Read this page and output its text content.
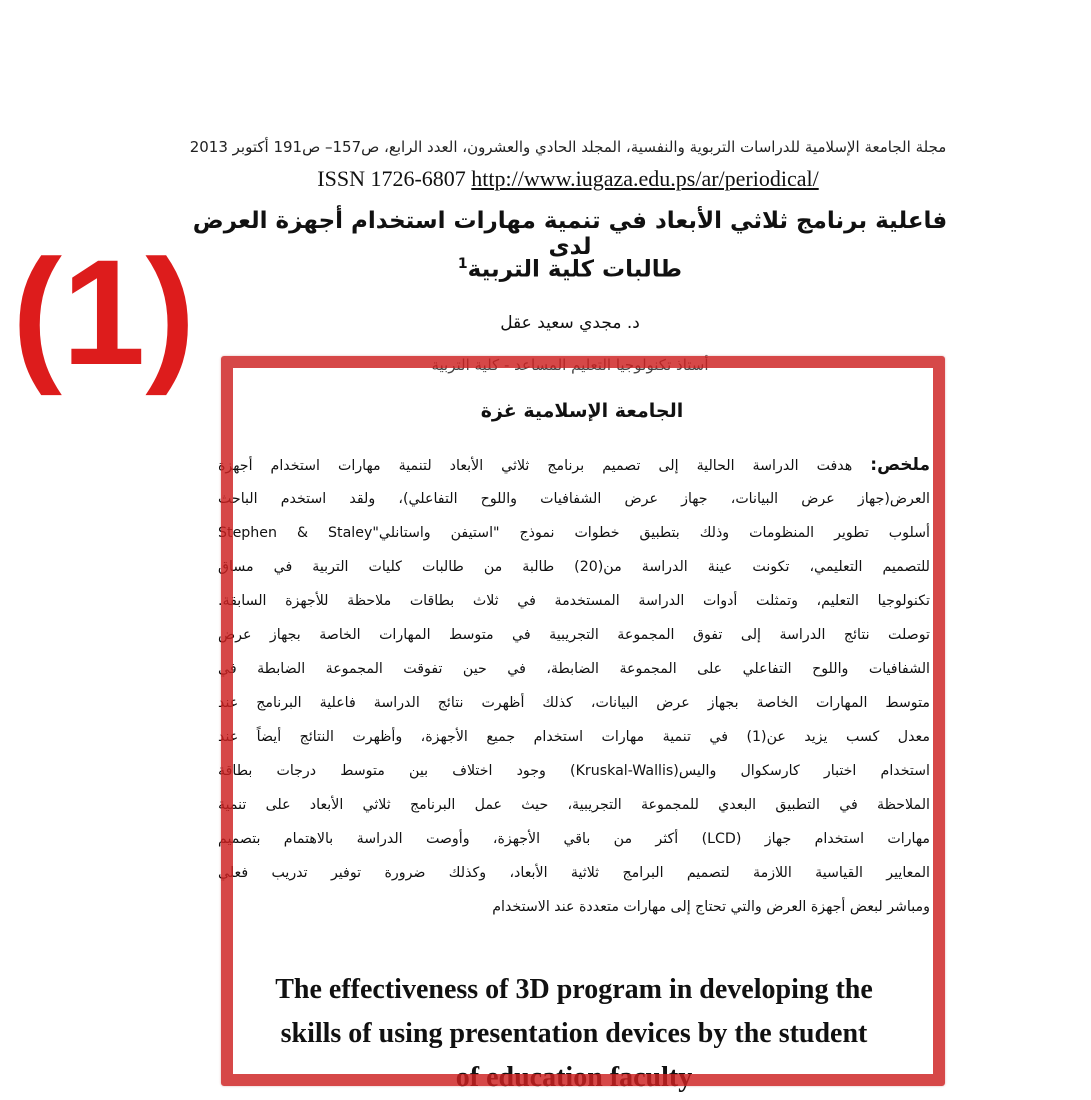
مجلة الجامعة الإسلامية للدراسات التربوية والنفسية، المجلد الحادي والعشرون، العدد الرابع، ص157– ص191 أكتوبر 2013
ISSN 1726-6807 http://www.iugaza.edu.ps/ar/periodical/
فاعلية برنامج ثلاثي الأبعاد في تنمية مهارات استخدام أجهزة العرض لدى
طالبات كلية التربية$^1$
د. مجدي سعيد عقل
أستاذ تكنولوجيا التعليم المساعد - كلية التربية
الجامعة الإسلامية غزة
ملخص: هدفت الدراسة الحالية إلى تصميم برنامج ثلاثي الأبعاد لتنمية مهارات استخدام أجهزة
العرض(جهاز عرض البيانات، جهاز عرض الشفافيات واللوح التفاعلي)، ولقد استخدم الباحث
أسلوب تطوير المنظومات وذلك بتطبيق خطوات نموذج "استيفن واستانلي"Stephen & Staley
للتصميم التعليمي، تكونت عينة الدراسة من(20) طالبة من طالبات كليات التربية في مساق
تكنولوجيا التعليم، وتمثلت أدوات الدراسة المستخدمة في ثلاث بطاقات ملاحظة للأجهزة السابقة.
توصلت نتائج الدراسة إلى تفوق المجموعة التجريبية في متوسط المهارات الخاصة بجهاز عرض
الشفافيات واللوح التفاعلي على المجموعة الضابطة، في حين تفوقت المجموعة الضابطة في
متوسط المهارات الخاصة بجهاز عرض البيانات، كذلك أظهرت نتائج الدراسة فاعلية البرنامج عند
معدل كسب يزيد عن(1) في تنمية مهارات استخدام جميع الأجهزة، وأظهرت النتائج أيضاً عند
استخدام اختبار كارسكوال واليس(Kruskal-Wallis) وجود اختلاف بين متوسط درجات بطاقة
الملاحظة في التطبيق البعدي للمجموعة التجريبية، حيث عمل البرنامج ثلاثي الأبعاد على تنمية
مهارات استخدام جهاز (LCD) أكثر من باقي الأجهزة، وأوصت الدراسة بالاهتمام بتصميم
المعايير القياسية اللازمة لتصميم البرامج ثلاثية الأبعاد، وكذلك ضرورة توفير تدريب فعلي
ومباشر لبعض أجهزة العرض والتي تحتاج إلى مهارات متعددة عند الاستخدام
The effectiveness of 3D program in developing the
skills of using presentation devices by the student
of education faculty
(1)
